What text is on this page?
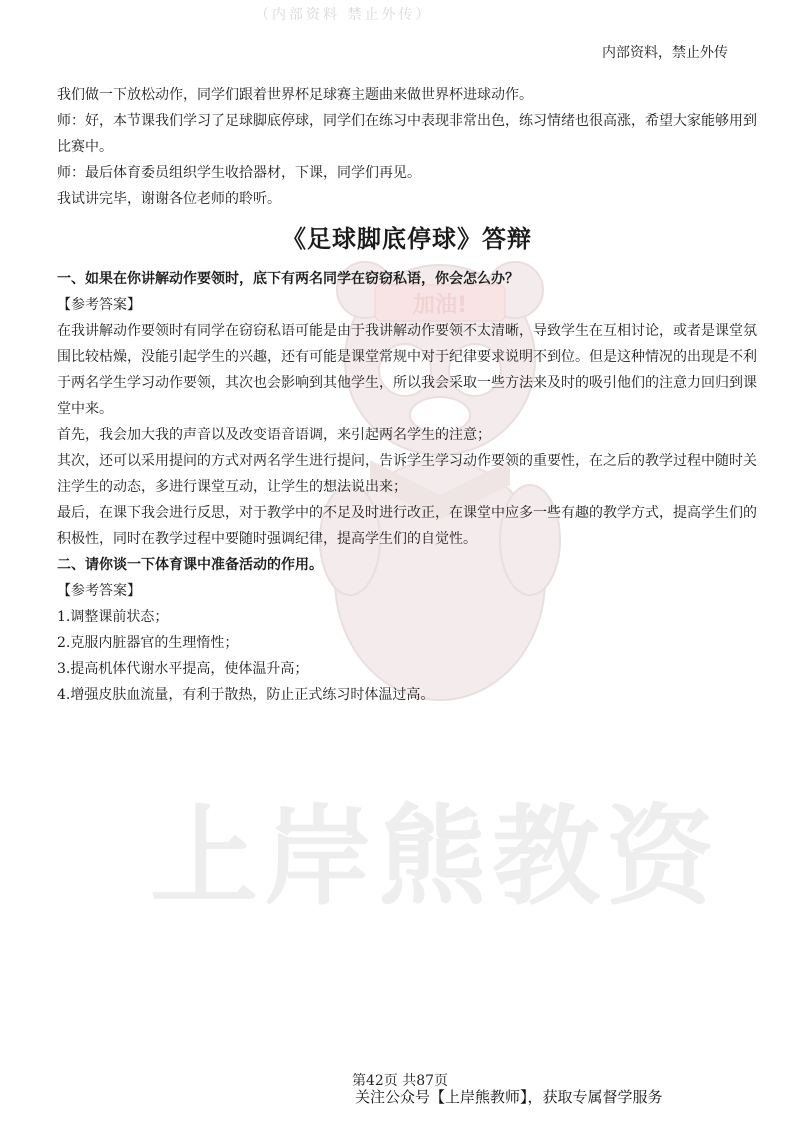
加油!
上岸熊教资
（内部资料 禁止外传）
内部资料，禁止外传

我们做一下放松动作，同学们跟着世界杯足球赛主题曲来做世界杯进球动作。

师：好，本节课我们学习了足球脚底停球，同学们在练习中表现非常出色，练习情绪也很高涨，希望大家能够用到比赛中。

师：最后体育委员组织学生收拾器材，下课，同学们再见。

我试讲完毕，谢谢各位老师的聆听。

《足球脚底停球》答辩

一、如果在你讲解动作要领时，底下有两名同学在窃窃私语，你会怎么办？

【参考答案】

在我讲解动作要领时有同学在窃窃私语可能是由于我讲解动作要领不太清晰，导致学生在互相讨论，或者是课堂氛围比较枯燥，没能引起学生的兴趣，还有可能是课堂常规中对于纪律要求说明不到位。但是这种情况的出现是不利于两名学生学习动作要领，其次也会影响到其他学生，所以我会采取一些方法来及时的吸引他们的注意力回归到课堂中来。

首先，我会加大我的声音以及改变语音语调，来引起两名学生的注意；

其次，还可以采用提问的方式对两名学生进行提问，告诉学生学习动作要领的重要性，在之后的教学过程中随时关注学生的动态，多进行课堂互动，让学生的想法说出来；

最后，在课下我会进行反思，对于教学中的不足及时进行改正，在课堂中应多一些有趣的教学方式，提高学生们的积极性，同时在教学过程中要随时强调纪律，提高学生们的自觉性。

二、请你谈一下体育课中准备活动的作用。

【参考答案】

1.调整课前状态；

2.克服内脏器官的生理惰性；

3.提高机体代谢水平提高，使体温升高；

4.增强皮肤血流量，有利于散热，防止正式练习时体温过高。

第42页 共87页
关注公众号【上岸熊教师】，获取专属督学服务
